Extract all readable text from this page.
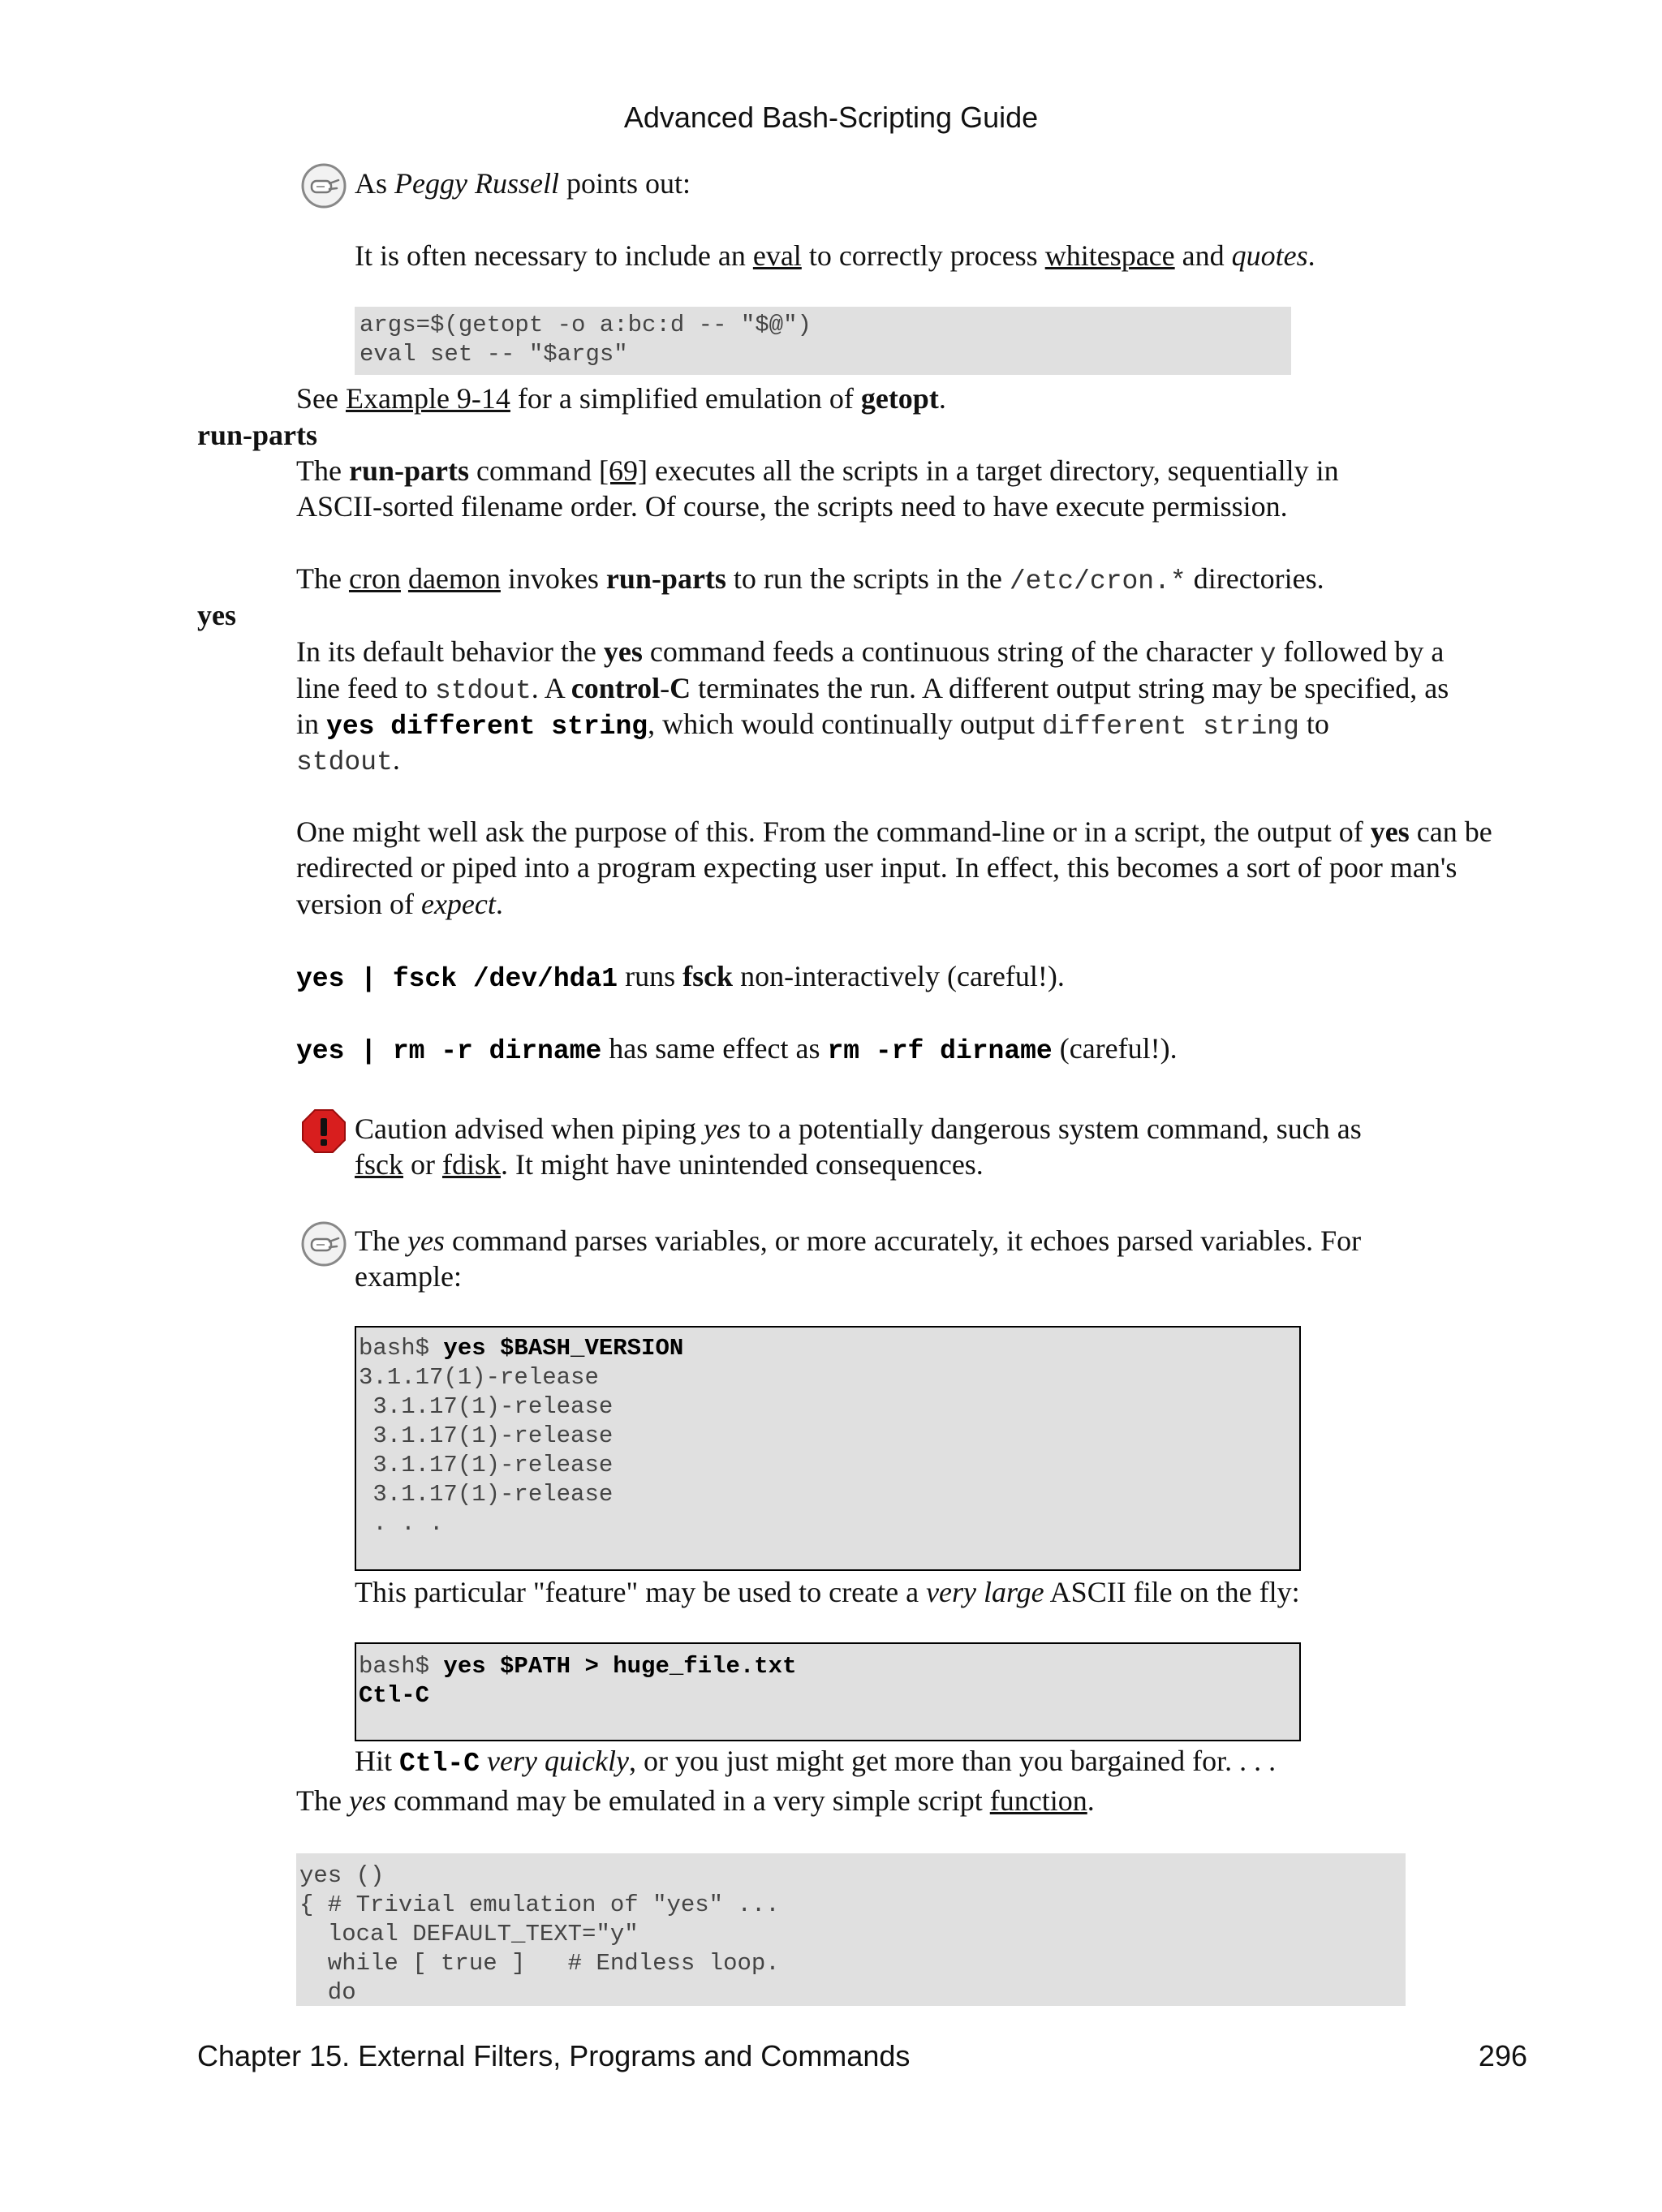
Advanced Bash-Scripting Guide
As Peggy Russell points out:
It is often necessary to include an eval to correctly process whitespace and quotes.
args=$(getopt -o a:bc:d -- "$@")
eval set -- "$args"
See Example 9-14 for a simplified emulation of getopt.
run-parts
The run-parts command [69] executes all the scripts in a target directory, sequentially in
ASCII-sorted filename order. Of course, the scripts need to have execute permission.
The cron daemon invokes run-parts to run the scripts in the /etc/cron.* directories.
yes
In its default behavior the yes command feeds a continuous string of the character y followed by a
line feed to stdout. A control-C terminates the run. A different output string may be specified, as
in yes different string, which would continually output different string to
stdout.
One might well ask the purpose of this. From the command-line or in a script, the output of yes can be
redirected or piped into a program expecting user input. In effect, this becomes a sort of poor man's
version of expect.
yes | fsck /dev/hda1 runs fsck non-interactively (careful!).
yes | rm -r dirname has same effect as rm -rf dirname (careful!).
Caution advised when piping yes to a potentially dangerous system command, such as
fsck or fdisk. It might have unintended consequences.
The yes command parses variables, or more accurately, it echoes parsed variables. For
example:
bash$ yes $BASH_VERSION
3.1.17(1)-release
3.1.17(1)-release
3.1.17(1)-release
3.1.17(1)-release
3.1.17(1)-release
. . .
This particular "feature" may be used to create a very large ASCII file on the fly:
bash$ yes $PATH > huge_file.txt
Ctl-C
Hit Ctl-C very quickly, or you just might get more than you bargained for. . . .
The yes command may be emulated in a very simple script function.
yes ()
{ # Trivial emulation of "yes" ...
local DEFAULT_TEXT="y"
while [ true ]   # Endless loop.
do
Chapter 15. External Filters, Programs and Commands	296
